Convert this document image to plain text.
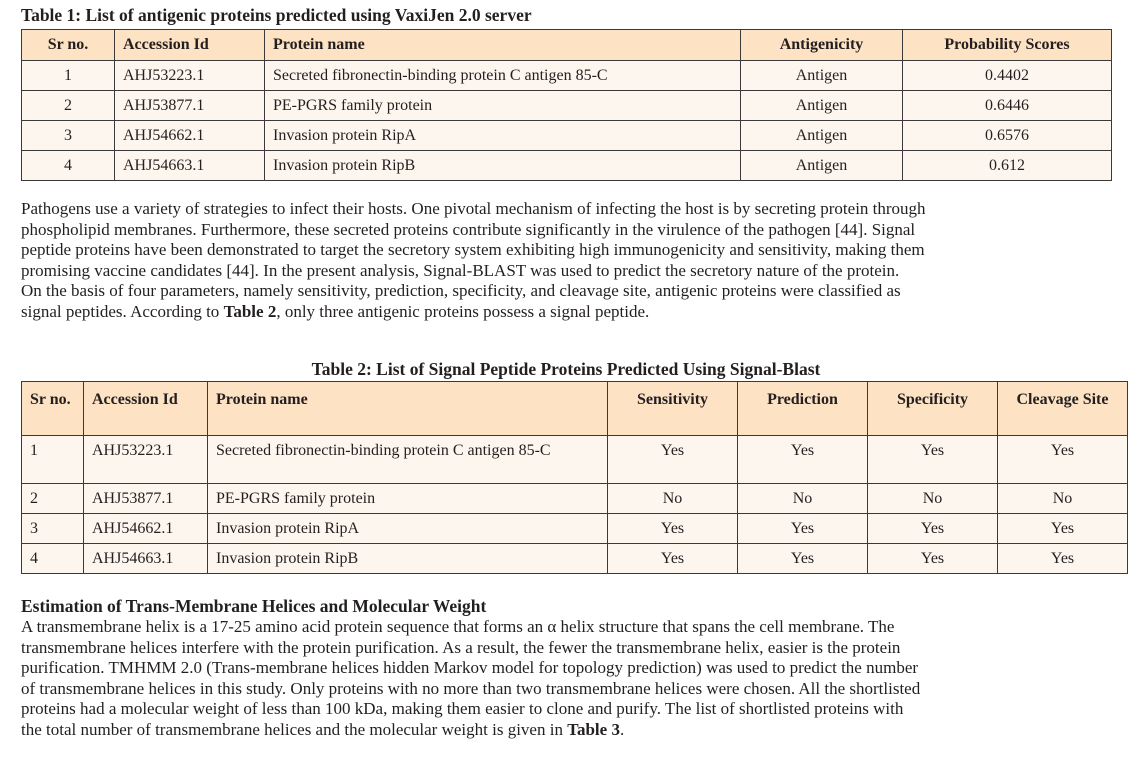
Table 1: List of antigenic proteins predicted using VaxiJen 2.0 server
Sr no.	Accession Id	Protein name	Antigenicity	Probability Scores
1	AHJ53223.1	Secreted fibronectin-binding protein C antigen 85-C	Antigen	0.4402
2	AHJ53877.1	PE-PGRS family protein	Antigen	0.6446
3	AHJ54662.1	Invasion protein RipA	Antigen	0.6576
4	AHJ54663.1	Invasion protein RipB	Antigen	0.612
Pathogens use a variety of strategies to infect their hosts. One pivotal mechanism of infecting the host is by secreting protein through
phospholipid membranes. Furthermore, these secreted proteins contribute significantly in the virulence of the pathogen [44]. Signal
peptide proteins have been demonstrated to target the secretory system exhibiting high immunogenicity and sensitivity, making them
promising vaccine candidates [44]. In the present analysis, Signal-BLAST was used to predict the secretory nature of the protein.
On the basis of four parameters, namely sensitivity, prediction, specificity, and cleavage site, antigenic proteins were classified as
signal peptides. According to Table 2, only three antigenic proteins possess a signal peptide.
Table 2: List of Signal Peptide Proteins Predicted Using Signal-Blast
Sr no.	Accession Id	Protein name	Sensitivity	Prediction	Specificity	Cleavage Site
1	AHJ53223.1	Secreted fibronectin-binding protein C antigen 85-C	Yes	Yes	Yes	Yes
2	AHJ53877.1	PE-PGRS family protein	No	No	No	No
3	AHJ54662.1	Invasion protein RipA	Yes	Yes	Yes	Yes
4	AHJ54663.1	Invasion protein RipB	Yes	Yes	Yes	Yes
Estimation of Trans-Membrane Helices and Molecular Weight
A transmembrane helix is a 17-25 amino acid protein sequence that forms an α helix structure that spans the cell membrane. The
transmembrane helices interfere with the protein purification. As a result, the fewer the transmembrane helix, easier is the protein
purification. TMHMM 2.0 (Trans-membrane helices hidden Markov model for topology prediction) was used to predict the number
of transmembrane helices in this study. Only proteins with no more than two transmembrane helices were chosen. All the shortlisted
proteins had a molecular weight of less than 100 kDa, making them easier to clone and purify. The list of shortlisted proteins with
the total number of transmembrane helices and the molecular weight is given in Table 3.
